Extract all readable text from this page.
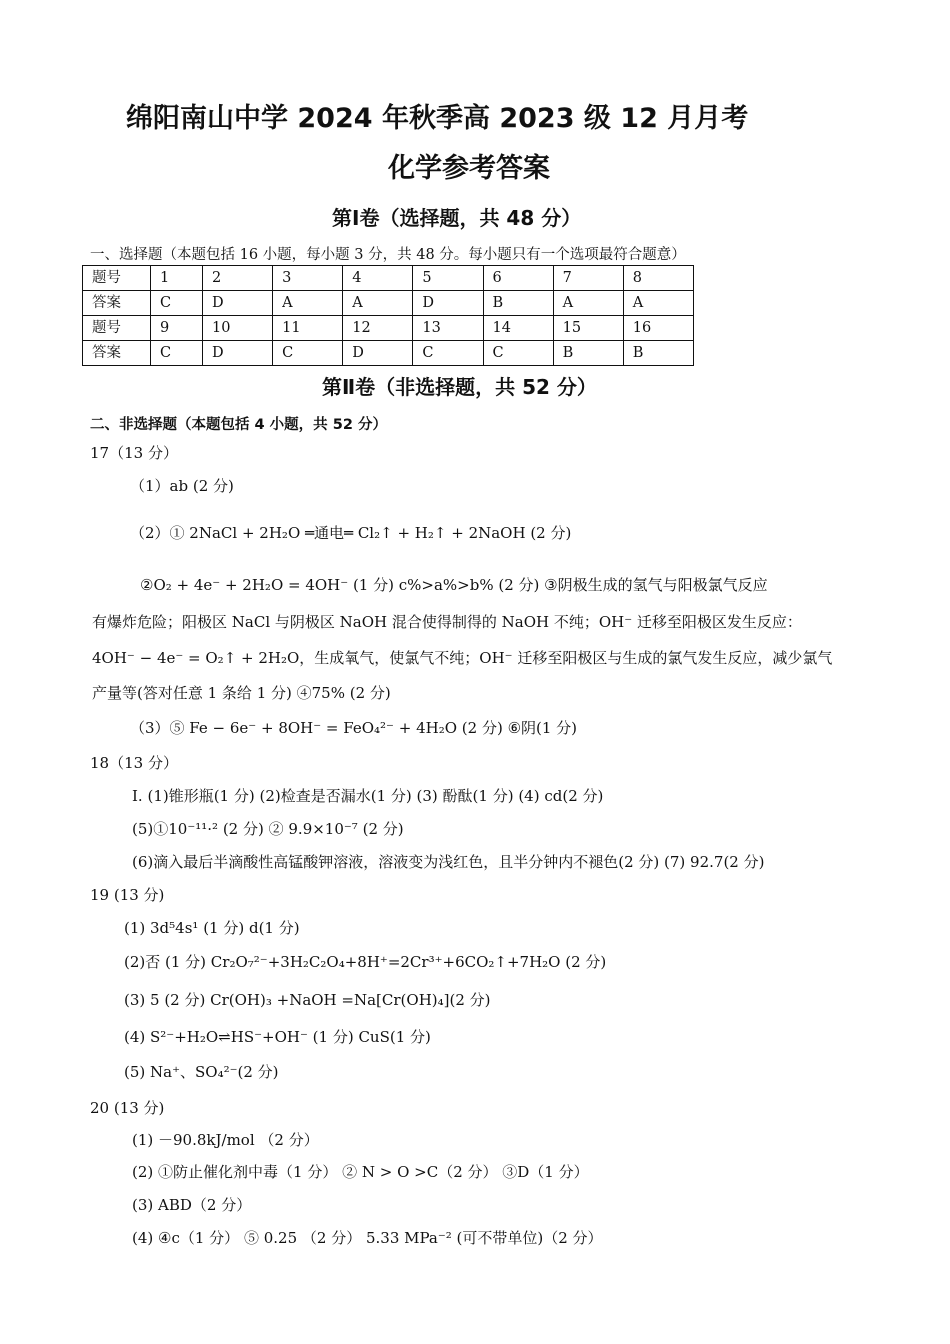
绵阳南山中学 2024 年秋季高 2023 级 12 月月考
化学参考答案
第Ⅰ卷（选择题，共 48 分）
一、选择题（本题包括 16 小题，每小题 3 分，共 48 分。每小题只有一个选项最符合题意）
题号	1	2	3	4	5	6	7	8
答案	C	D	A	A	D	B	A	A
题号	9	10	11	12	13	14	15	16
答案	C	D	C	D	C	C	B	B
第Ⅱ卷（非选择题，共 52 分）
二、非选择题（本题包括 4 小题，共 52 分）
17（13 分）
（1）ab (2 分)
（2）① 2NaCl + 2H₂O ═通电═ Cl₂↑ + H₂↑ + 2NaOH (2 分)
②O₂ + 4e⁻ + 2H₂O = 4OH⁻ (1 分) c%>a%>b% (2 分) ③阴极生成的氢气与阳极氯气反应
有爆炸危险；阳极区 NaCl 与阴极区 NaOH 混合使得制得的 NaOH 不纯；OH⁻ 迁移至阳极区发生反应：
4OH⁻ − 4e⁻ = O₂↑ + 2H₂O，生成氧气，使氯气不纯；OH⁻ 迁移至阳极区与生成的氯气发生反应，减少氯气
产量等(答对任意 1 条给 1 分) ④75% (2 分)
（3）⑤ Fe − 6e⁻ + 8OH⁻ = FeO₄²⁻ + 4H₂O (2 分) ⑥阴(1 分)
18（13 分）
I. (1)锥形瓶(1 分) (2)检查是否漏水(1 分) (3) 酚酞(1 分) (4) cd(2 分)
(5)①10⁻¹¹·² (2 分) ② 9.9×10⁻⁷ (2 分)
(6)滴入最后半滴酸性高锰酸钾溶液，溶液变为浅红色，且半分钟内不褪色(2 分) (7) 92.7(2 分)
19 (13 分)
(1) 3d⁵4s¹ (1 分) d(1 分)
(2)否 (1 分) Cr₂O₇²⁻+3H₂C₂O₄+8H⁺=2Cr³⁺+6CO₂↑+7H₂O (2 分)
(3) 5 (2 分) Cr(OH)₃ +NaOH =Na[Cr(OH)₄](2 分)
(4) S²⁻+H₂O⇌HS⁻+OH⁻ (1 分) CuS(1 分)
(5) Na⁺、SO₄²⁻(2 分)
20 (13 分)
(1) －90.8kJ/mol （2 分）
(2) ①防止催化剂中毒（1 分） ② N > O >C（2 分） ③D（1 分）
(3) ABD（2 分）
(4) ④c（1 分） ⑤ 0.25 （2 分） 5.33 MPa⁻² (可不带单位)（2 分）
